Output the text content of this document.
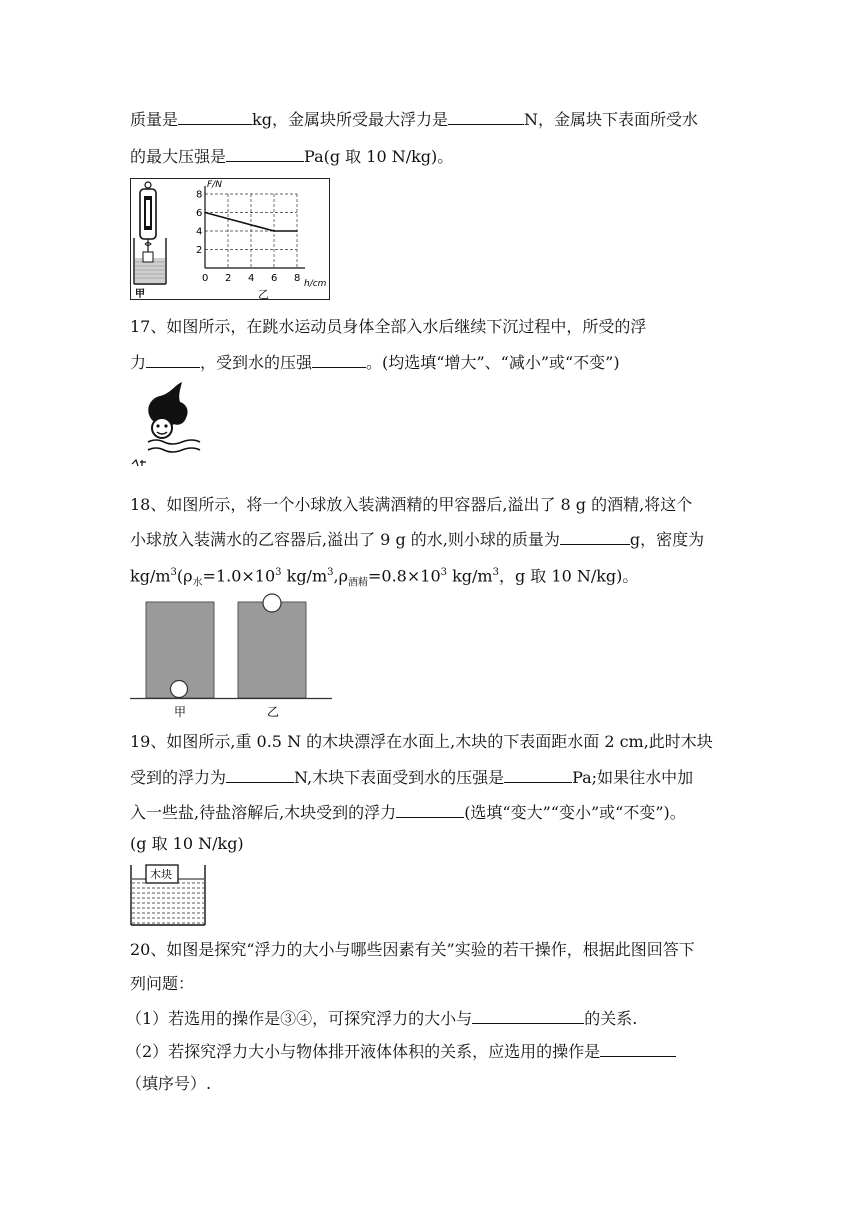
质量是	kg，金属块所受最大浮力是	N，金属块下表面所受水
的最大压强是	Pa(g 取 10 N/kg)。
甲	乙
F/N
h/cm
8
6
4
2
0 2 4 6 8
17、如图所示，在跳水运动员身体全部入水后继续下沉过程中，所受的浮
力	，受到水的压强	。(均选填“增大”、“减小”或“不变”)
18、如图所示，将一个小球放入装满酒精的甲容器后,溢出了 8 g 的酒精,将这个
小球放入装满水的乙容器后,溢出了 9 g 的水,则小球的质量为	g，密度为
$kg/m^3(\rho_水=1.0\times 10^3$ $kg/m^3,\rho_{酒精}=0.8\times 10^3$ $kg/m^3$，g 取 10 N/kg)。
甲	乙
19、如图所示,重 0.5 N 的木块漂浮在水面上,木块的下表面距水面 2 cm,此时木块
受到的浮力为	N,木块下表面受到水的压强是	Pa;如果往水中加
入一些盐,待盐溶解后,木块受到的浮力	(选填“变大”“变小”或“不变”)。
(g 取 10 N/kg)
木块
20、如图是探究“浮力的大小与哪些因素有关”实验的若干操作，根据此图回答下
列问题：
（1）若选用的操作是③④，可探究浮力的大小与	的关系.
（2）若探究浮力大小与物体排开液体体积的关系，应选用的操作是
（填序号）.
